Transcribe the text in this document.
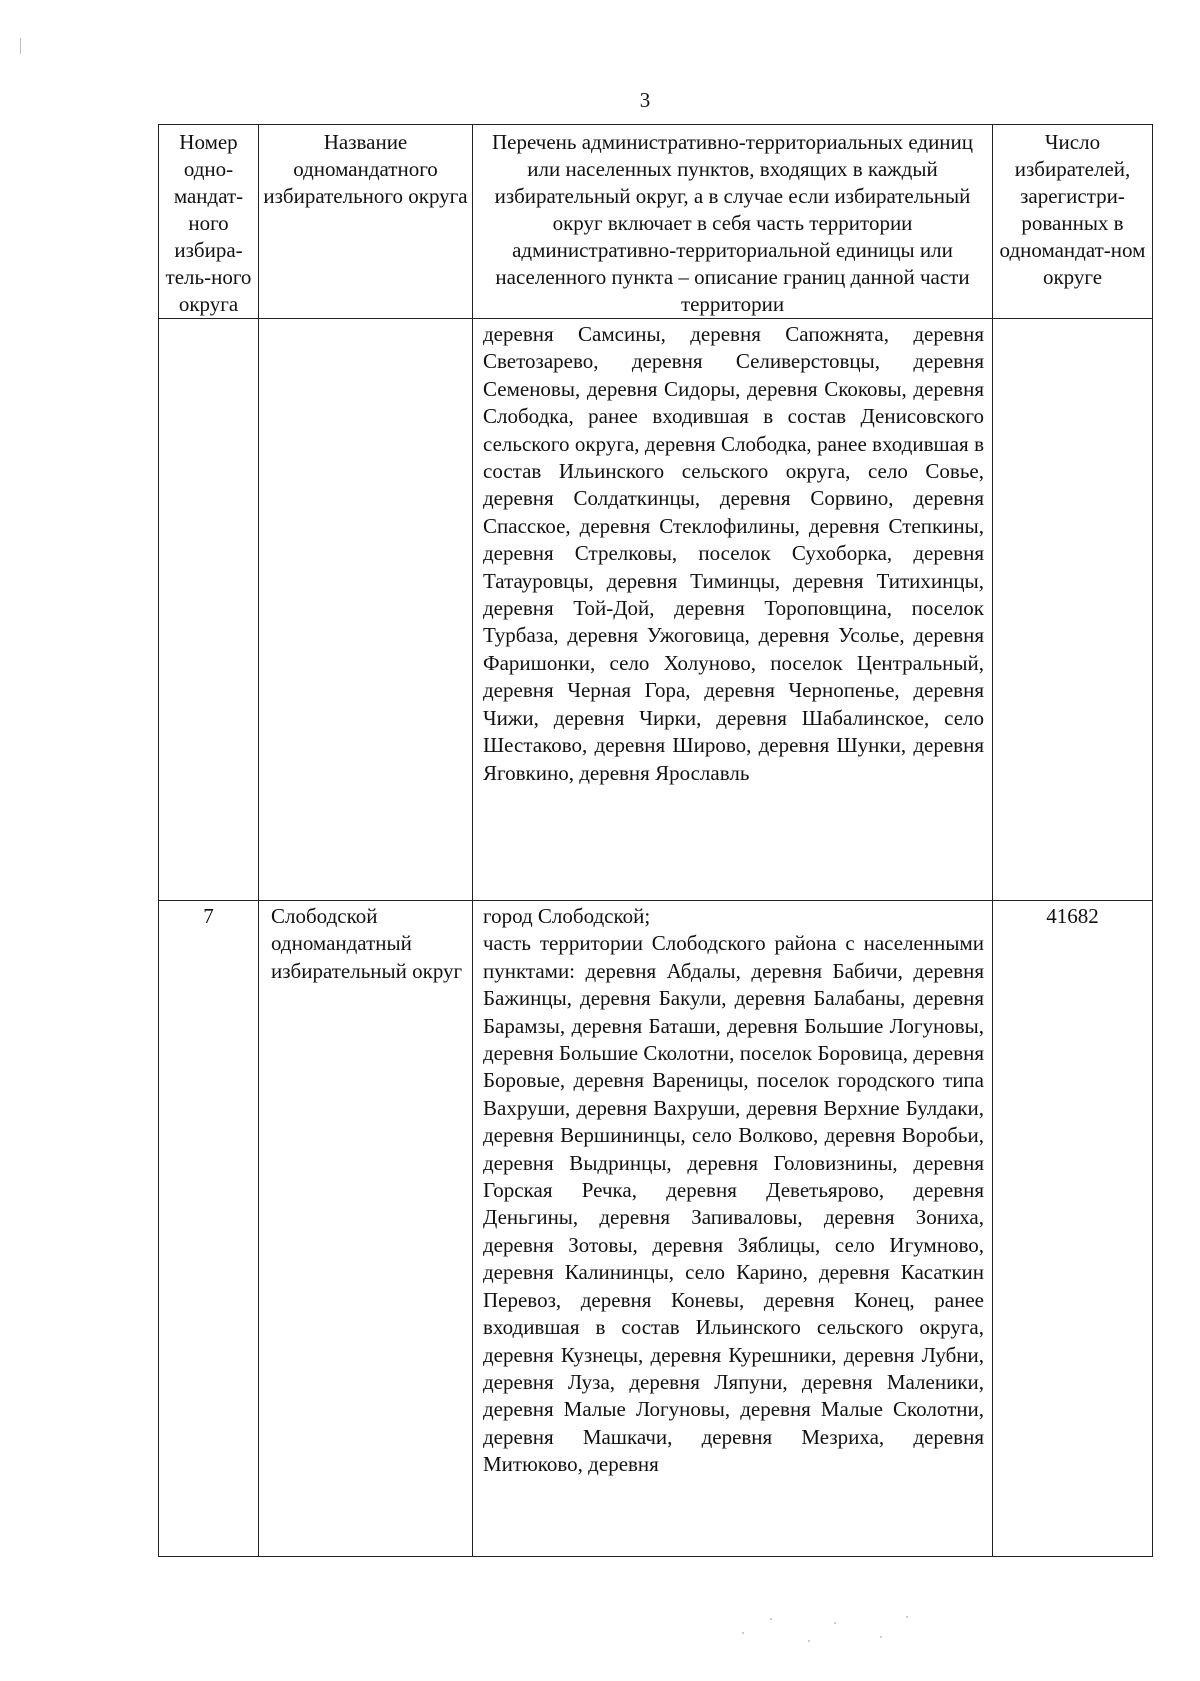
3
Номер одно-мандат-ного избира-тель-ного округа	Название одномандатного избирательного округа	Перечень административно-территориальных единиц или населенных пунктов, входящих в каждый избирательный округ, а в случае если избирательный округ включает в себя часть территории административно-территориальной единицы или населенного пункта – описание границ данной части территории	Число избирателей, зарегистри-рованных в одномандат-ном округе
		деревня Самсины, деревня Сапожнята, деревня Светозарево, деревня Селиверстовцы, деревня Семеновы, деревня Сидоры, деревня Скоковы, деревня Слободка, ранее входившая в состав Денисовского сельского округа, деревня Слободка, ранее входившая в состав Ильинского сельского округа, село Совье, деревня Солдаткинцы, деревня Сорвино, деревня Спасское, деревня Стеклофилины, деревня Степкины, деревня Стрелковы, поселок Сухоборка, деревня Татауровцы, деревня Тиминцы, деревня Титихинцы, деревня Той-Дой, деревня Тороповщина, поселок Турбаза, деревня Ужоговица, деревня Усолье, деревня Фаришонки, село Холуново, поселок Центральный, деревня Черная Гора, деревня Чернопенье, деревня Чижи, деревня Чирки, деревня Шабалинское, село Шестаково, деревня Широво, деревня Шунки, деревня Яговкино, деревня Ярославль	
7	Слободской одномандатный избирательный округ	город Слободской;
часть территории Слободского района с населенными пунктами: деревня Абдалы, деревня Бабичи, деревня Бажинцы, деревня Бакули, деревня Балабаны, деревня Барамзы, деревня Баташи, деревня Большие Логуновы, деревня Большие Сколотни, поселок Боровица, деревня Боровые, деревня Вареницы, поселок городского типа Вахруши, деревня Вахруши, деревня Верхние Булдаки, деревня Вершининцы, село Волково, деревня Воробьи, деревня Выдринцы, деревня Головизнины, деревня Горская Речка, деревня Деветьярово, деревня Деньгины, деревня Запиваловы, деревня Зониха, деревня Зотовы, деревня Зяблицы, село Игумново, деревня Калининцы, село Карино, деревня Касаткин Перевоз, деревня Коневы, деревня Конец, ранее входившая в состав Ильинского сельского округа, деревня Кузнецы, деревня Курешники, деревня Лубни, деревня Луза, деревня Ляпуни, деревня Маленики, деревня Малые Логуновы, деревня Малые Сколотни, деревня Машкачи, деревня Мезриха, деревня Митюково, деревня	41682
